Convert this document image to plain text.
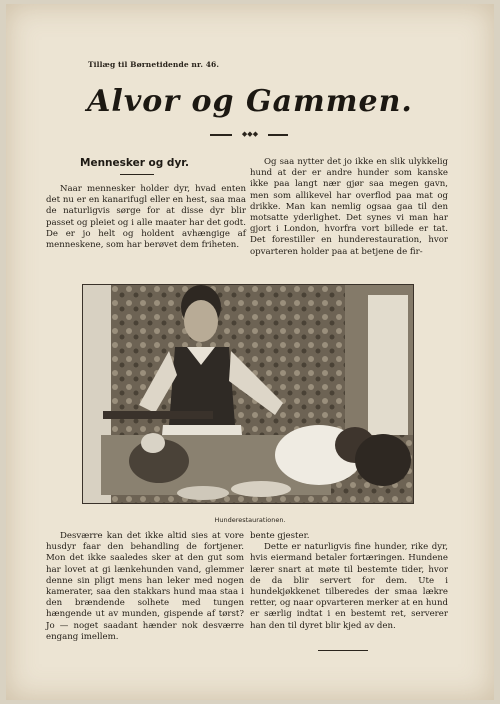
Tillæg til Børnetidende nr. 46.
Alvor og Gammen.
◆◆◆
Mennesker og dyr.

Naar mennesker holder dyr, hvad enten det nu er en kanarifugl eller en hest, saa maa de naturligvis sørge for at disse dyr blir passet og pleiet og i alle maater har det godt. De er jo helt og holdent avhængige af menneskene, som har berøvet dem friheten.

Og saa nytter det jo ikke en slik ulykkelig hund at der er andre hunder som kanske ikke paa langt nær gjør saa megen gavn, men som allikevel har overflod paa mat og drikke. Man kan nemlig ogsaa gaa til den motsatte yderlighet. Det synes vi man har gjort i London, hvorfra vort billede er tat. Det forestiller en hunderestauration, hvor opvarteren holder paa at betjene de fir-

Hunderestaurationen.

Desværre kan det ikke altid sies at vore husdyr faar den behandling de fortjener. Mon det ikke saaledes sker at den gut som har lovet at gi lænkehunden vand, glemmer denne sin pligt mens han leker med nogen kamerater, saa den stakkars hund maa staa i den brændende solhete med tungen hængende ut av munden, gispende af tørst? Jo — noget saadant hænder nok desværre engang imellem.

bente gjester.

Dette er naturligvis fine hunder, rike dyr, hvis eiermand betaler fortæringen. Hundene lærer snart at møte til bestemte tider, hvor de da blir servert for dem. Ute i hundekjøkkenet tilberedes der smaa lækre retter, og naar opvarteren merker at en hund er særlig indtat i en bestemt ret, serverer han den til dyret blir kjed av den.
